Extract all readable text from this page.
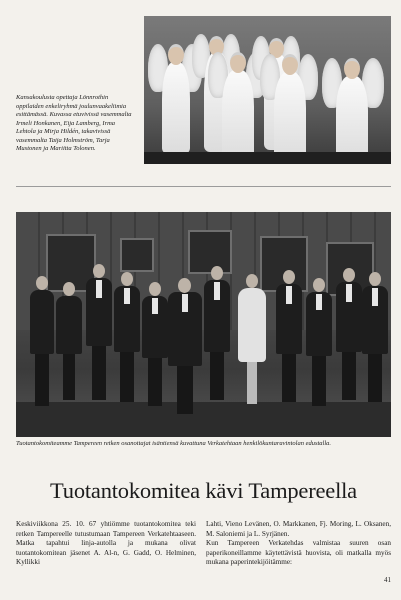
Kansakoulusta opettaja Lönnrothin oppilaiden enkeliryhmä joulunvaakeliimia esittämässä. Kuvassa etuvivissä vasemmalta Irmeli Honkanen, Eija Lamberg, Irma Lehtola ja Mirja Hildén, takavivissä vasemmalta Taija Holmström, Tarja Mustonen ja Mariitta Tolonen.
Tuotantokomiteamme Tampereen retken osanottajat isäntiensä kuvattuna Verkatehtaan henkilökuntaravintolan edustalla.
Tuotantokomitea kävi Tampereella
Keskiviikkona 25. 10. 67 yhtiömme tuotantokomitea teki retken Tampereelle tutustumaan Tampereen Verkatehtaaseen. Matka tapahtui linja-autolla ja mukana olivat tuotantokomitean jäsenet A. Al-n, G. Gadd, O. Helminen, Kyllikki
Lahti, Vieno Levänen, O. Markkanen, Fj. Moring, L. Oksanen, M. Saloniemi ja L. Syrjänen.
Kun Tampereen Verkatehdas valmistaa suuren osan paperikoneillamme käytettävistä huovista, oli matkalla myös mukana paperintekijöitämme:
41
